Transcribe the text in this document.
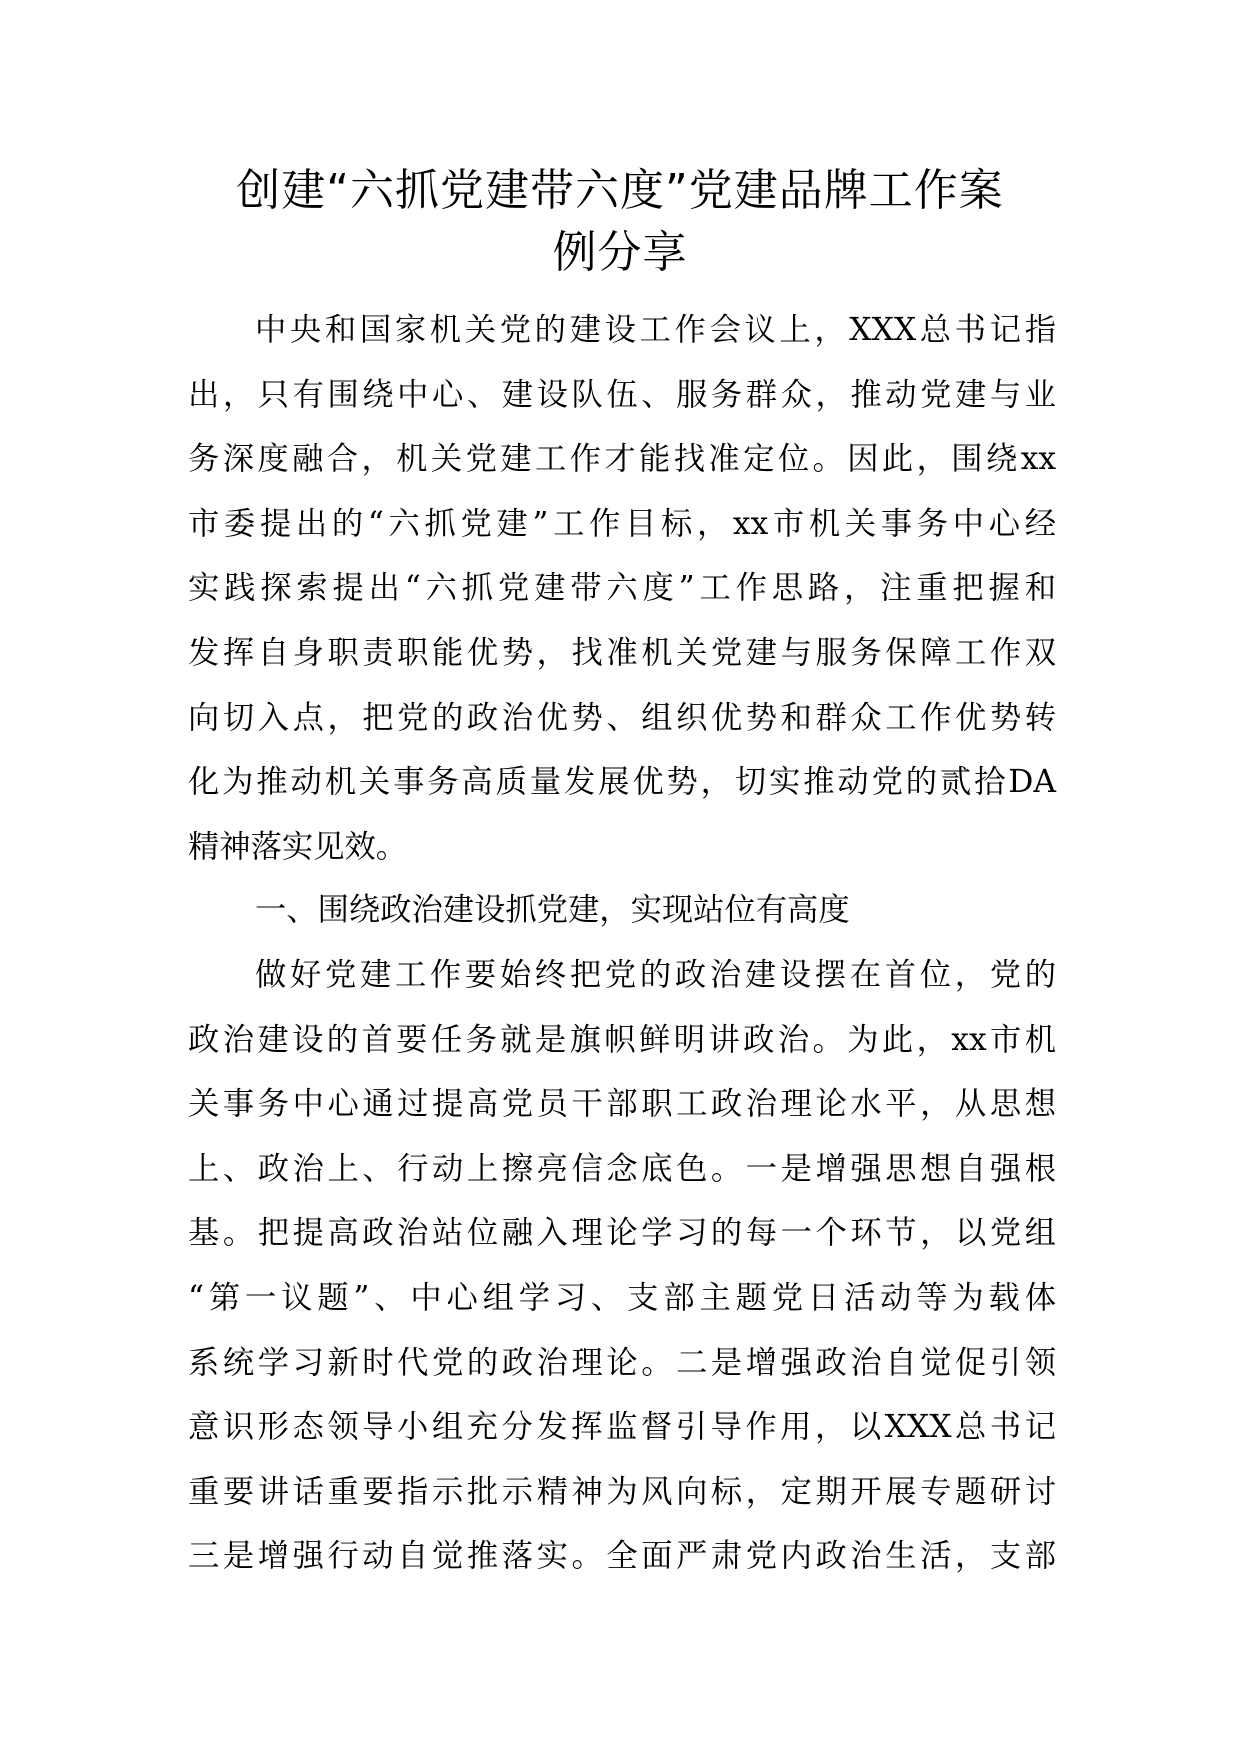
创建“六抓党建带六度”党建品牌工作案
例分享
中央和国家机关党的建设工作会议上，XXX总书记指
出，只有围绕中心、建设队伍、服务群众，推动党建与业
务深度融合，机关党建工作才能找准定位。因此，围绕xx
市委提出的“六抓党建”工作目标，xx市机关事务中心经
实践探索提出“六抓党建带六度”工作思路，注重把握和
发挥自身职责职能优势，找准机关党建与服务保障工作双
向切入点，把党的政治优势、组织优势和群众工作优势转
化为推动机关事务高质量发展优势，切实推动党的贰拾DA
精神落实见效。
一、围绕政治建设抓党建，实现站位有高度
做好党建工作要始终把党的政治建设摆在首位，党的
政治建设的首要任务就是旗帜鲜明讲政治。为此，xx市机
关事务中心通过提高党员干部职工政治理论水平，从思想
上、政治上、行动上擦亮信念底色。一是增强思想自强根
基。把提高政治站位融入理论学习的每一个环节，以党组
“第一议题”、中心组学习、支部主题党日活动等为载体
系统学习新时代党的政治理论。二是增强政治自觉促引领
意识形态领导小组充分发挥监督引导作用，以XXX总书记
重要讲话重要指示批示精神为风向标，定期开展专题研讨
三是增强行动自觉推落实。全面严肃党内政治生活，支部
